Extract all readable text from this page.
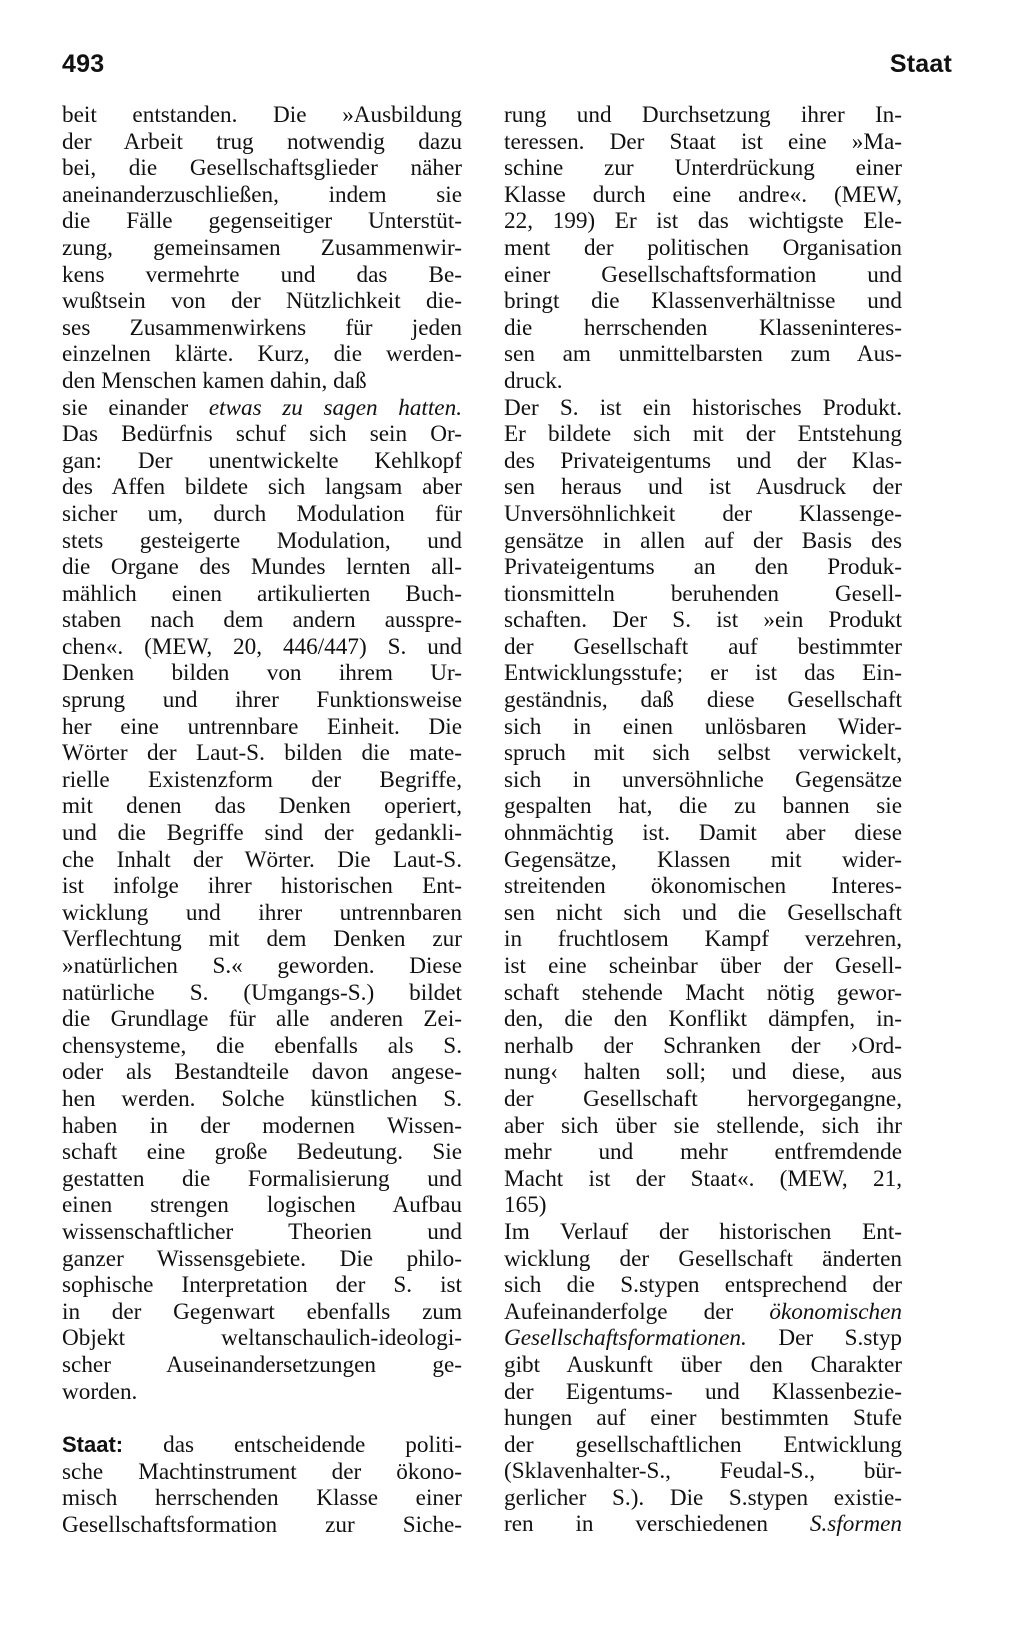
493	Staat
beit entstanden. Die »Ausbildung
der Arbeit trug notwendig dazu
bei, die Gesellschaftsglieder näher
aneinanderzuschließen, indem sie
die Fälle gegenseitiger Unterstüt-
zung, gemeinsamen Zusammenwir-
kens vermehrte und das Be-
wußtsein von der Nützlichkeit die-
ses Zusammenwirkens für jeden
einzelnen klärte. Kurz, die werden-
den Menschen kamen dahin, daß
sie einander etwas zu sagen hatten.
Das Bedürfnis schuf sich sein Or-
gan: Der unentwickelte Kehlkopf
des Affen bildete sich langsam aber
sicher um, durch Modulation für
stets gesteigerte Modulation, und
die Organe des Mundes lernten all-
mählich einen artikulierten Buch-
staben nach dem andern ausspre-
chen«. (MEW, 20, 446/447) S. und
Denken bilden von ihrem Ur-
sprung und ihrer Funktionsweise
her eine untrennbare Einheit. Die
Wörter der Laut-S. bilden die mate-
rielle Existenzform der Begriffe,
mit denen das Denken operiert,
und die Begriffe sind der gedankli-
che Inhalt der Wörter. Die Laut-S.
ist infolge ihrer historischen Ent-
wicklung und ihrer untrennbaren
Verflechtung mit dem Denken zur
»natürlichen S.« geworden. Diese
natürliche S. (Umgangs-S.) bildet
die Grundlage für alle anderen Zei-
chensysteme, die ebenfalls als S.
oder als Bestandteile davon angese-
hen werden. Solche künstlichen S.
haben in der modernen Wissen-
schaft eine große Bedeutung. Sie
gestatten die Formalisierung und
einen strengen logischen Aufbau
wissenschaftlicher Theorien und
ganzer Wissensgebiete. Die philo-
sophische Interpretation der S. ist
in der Gegenwart ebenfalls zum
Objekt weltanschaulich-ideologi-
scher Auseinandersetzungen ge-
worden.
Staat: das entscheidende politi-
sche Machtinstrument der ökono-
misch herrschenden Klasse einer
Gesellschaftsformation zur Siche-
rung und Durchsetzung ihrer In-
teressen. Der Staat ist eine »Ma-
schine zur Unterdrückung einer
Klasse durch eine andre«. (MEW,
22, 199) Er ist das wichtigste Ele-
ment der politischen Organisation
einer Gesellschaftsformation und
bringt die Klassenverhältnisse und
die herrschenden Klasseninteres-
sen am unmittelbarsten zum Aus-
druck.
Der S. ist ein historisches Produkt.
Er bildete sich mit der Entstehung
des Privateigentums und der Klas-
sen heraus und ist Ausdruck der
Unversöhnlichkeit der Klassenge-
gensätze in allen auf der Basis des
Privateigentums an den Produk-
tionsmitteln beruhenden Gesell-
schaften. Der S. ist »ein Produkt
der Gesellschaft auf bestimmter
Entwicklungsstufe; er ist das Ein-
geständnis, daß diese Gesellschaft
sich in einen unlösbaren Wider-
spruch mit sich selbst verwickelt,
sich in unversöhnliche Gegensätze
gespalten hat, die zu bannen sie
ohnmächtig ist. Damit aber diese
Gegensätze, Klassen mit wider-
streitenden ökonomischen Interes-
sen nicht sich und die Gesellschaft
in fruchtlosem Kampf verzehren,
ist eine scheinbar über der Gesell-
schaft stehende Macht nötig gewor-
den, die den Konflikt dämpfen, in-
nerhalb der Schranken der ›Ord-
nung‹ halten soll; und diese, aus
der Gesellschaft hervorgegangne,
aber sich über sie stellende, sich ihr
mehr und mehr entfremdende
Macht ist der Staat«. (MEW, 21,
165)
Im Verlauf der historischen Ent-
wicklung der Gesellschaft änderten
sich die S.stypen entsprechend der
Aufeinanderfolge der ökonomischen
Gesellschaftsformationen. Der S.styp
gibt Auskunft über den Charakter
der Eigentums- und Klassenbezie-
hungen auf einer bestimmten Stufe
der gesellschaftlichen Entwicklung
(Sklavenhalter-S., Feudal-S., bür-
gerlicher S.). Die S.stypen existie-
ren in verschiedenen S.sformen
